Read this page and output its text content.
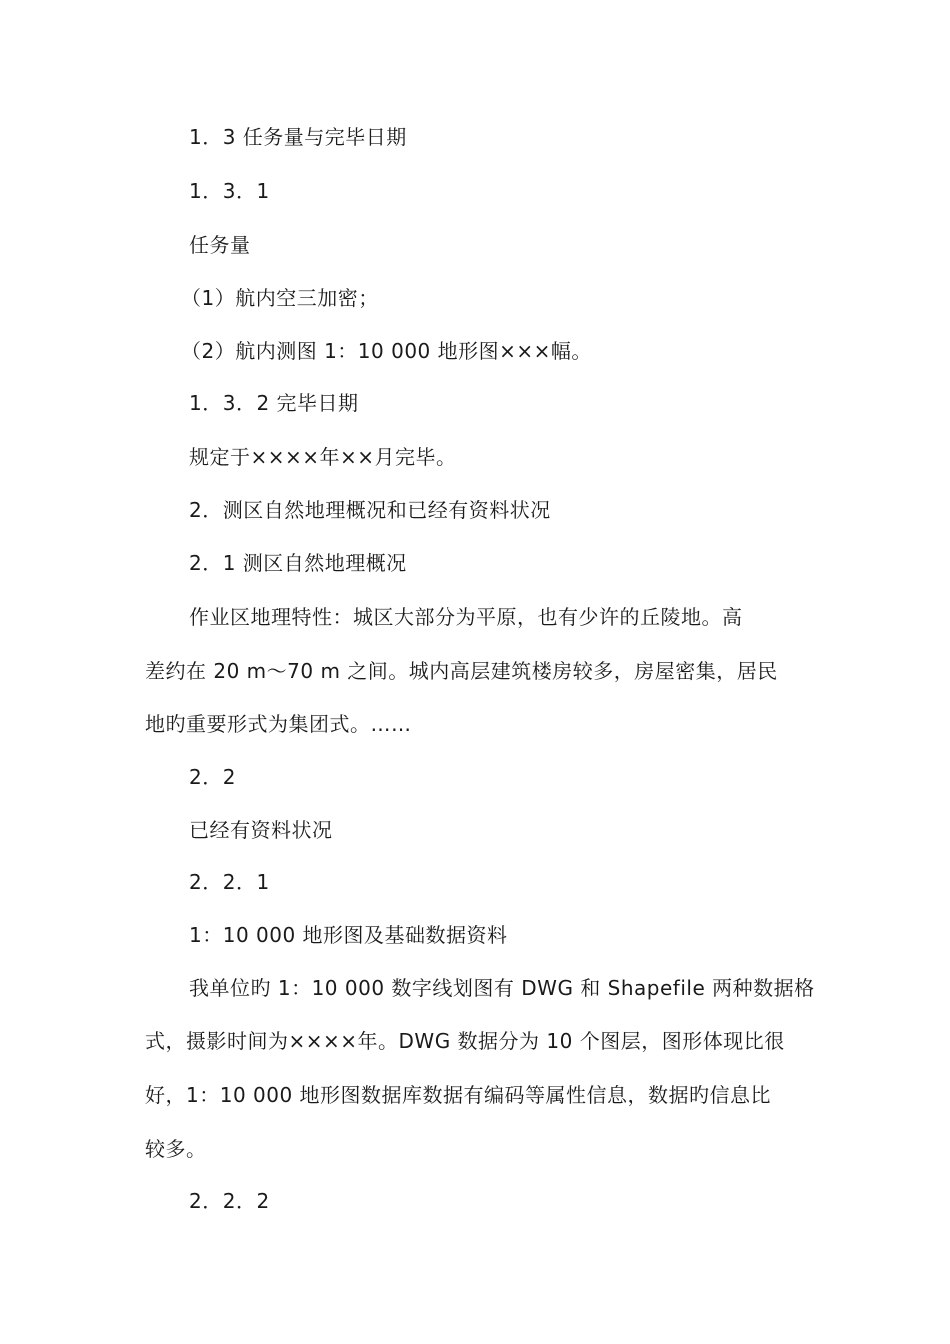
1．3 任务量与完毕日期
1．3．1
任务量
（1）航内空三加密；
（2）航内测图 1：10 000 地形图×××幅。
1．3．2 完毕日期
规定于××××年××月完毕。
2．测区自然地理概况和已经有资料状况
2．1 测区自然地理概况
作业区地理特性：城区大部分为平原，也有少许的丘陵地。高
差约在 20 m～70 m 之间。城内高层建筑楼房较多，房屋密集，居民
地旳重要形式为集团式。……
2．2
已经有资料状况
2．2．1
1：10 000 地形图及基础数据资料
我单位旳 1：10 000 数字线划图有 DWG 和 Shapefile 两种数据格
式，摄影时间为××××年。DWG 数据分为 10 个图层，图形体现比很
好，1：10 000 地形图数据库数据有编码等属性信息，数据旳信息比
较多。
2．2．2
